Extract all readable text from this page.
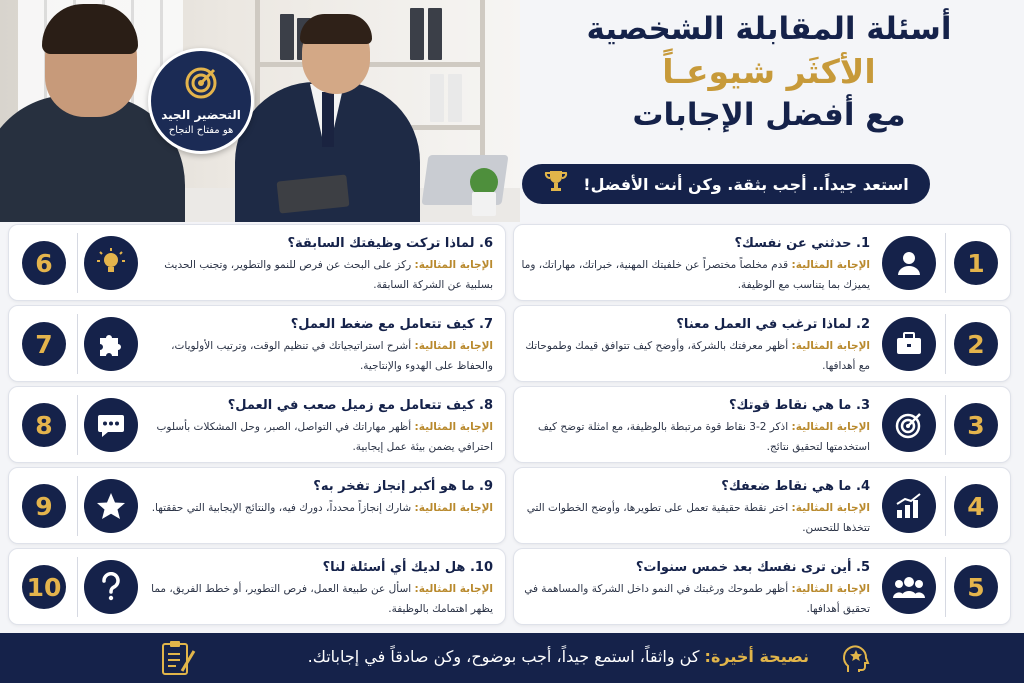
التحضير الجيد
هو مفتاح النجاح
أسئلة المقابلة الشخصية
الأكثَر شيوعـاً
مع أفضل الإجابات
استعد جيداً.. أجب بثقة. وكن أنت الأفضل!
1
1. حدثني عن نفسك؟
الإجابة المثالية: قدم مخلصاً مختصراً عن خلفيتك المهنية، خبراتك، مهاراتك، وما يميزك بما يتناسب مع الوظيفة.
2
2. لماذا ترغب في العمل معنا؟
الإجابة المثالية: أظهر معرفتك بالشركة، وأوضح كيف تتوافق قيمك وطموحاتك مع أهدافها.
3
3. ما هي نقاط قوتك؟
الإجابة المثالية: اذكر 2-3 نقاط قوة مرتبطة بالوظيفة، مع امثلة توضح كيف استخدمتها لتحقيق نتائج.
4
4. ما هي نقاط ضعفك؟
الإجابة المثالية: اختر نقطة حقيقية تعمل على تطويرها، وأوضح الخطوات التي تتخذها للتحسن.
5
5. أين ترى نفسك بعد خمس سنوات؟
الإجابة المثالية: أظهر طموحك ورغبتك في النمو داخل الشركة والمساهمة في تحقيق أهدافها.
6
6. لماذا تركت وظيفتك السابقة؟
الإجابة المثالية: ركز على البحث عن فرص للنمو والتطوير، وتجنب الحديث بسلبية عن الشركة السابقة.
7
7. كيف تتعامل مع ضغط العمل؟
الإجابة المثالية: أشرح استراتيجياتك في تنظيم الوقت، وترتيب الأولويات، والحفاظ على الهدوء والإنتاجية.
8
8. كيف تتعامل مع زميل صعب في العمل؟
الإجابة المثالية: أظهر مهاراتك في التواصل، الصبر، وحل المشكلات بأسلوب احترافي يضمن بيئة عمل إيجابية.
9
9. ما هو أكبر إنجاز تفخر به؟
الإجابة المثالية: شارك إنجازاً محدداً، دورك فيه، والنتائج الإيجابية التي حققتها.
10
10. هل لديك أي أسئلة لنا؟
الإجابة المثالية: اسأل عن طبيعة العمل، فرص التطوير، أو خطط الفريق، مما يظهر اهتمامك بالوظيفة.
نصيحة أخيرة: كن واثقاً، استمع جيداً، أجب بوضوح، وكن صادقاً في إجاباتك.
